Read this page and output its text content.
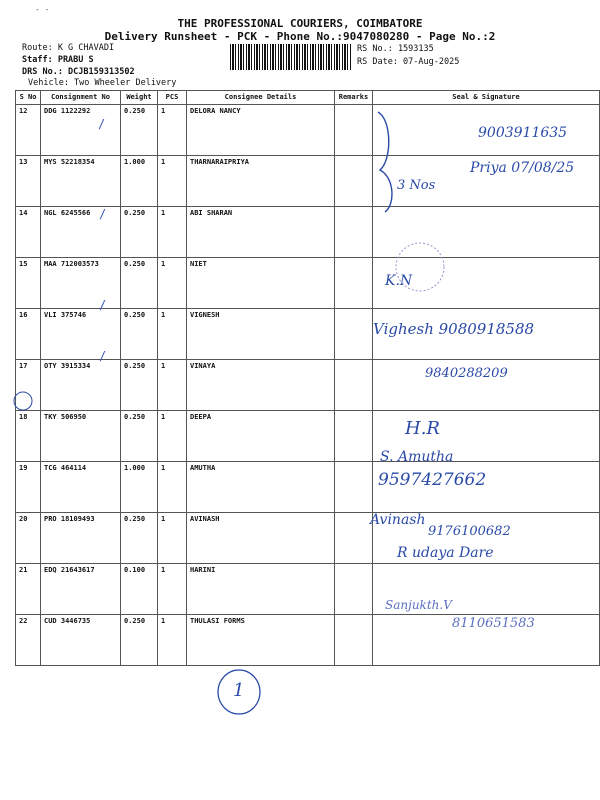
- -
THE PROFESSIONAL COURIERS, COIMBATORE
Delivery Runsheet - PCK - Phone No.:9047080280 - Page No.:2
Route: K G CHAVADI
Staff: PRABU S
DRS No.: DCJB159313502
Vehicle: Two Wheeler Delivery
RS No.: 1593135
RS Date: 07-Aug-2025
S No	Consignment No	Weight	PCS	Consignee Details	Remarks	Seal & Signature
12	DDG 1122292	0.250	1	DELORA NANCY		
13	MYS 52218354	1.000	1	THARNARAIPRIYA		
14	NGL 6245566	0.250	1	ABI SHARAN		
15	MAA 712003573	0.250	1	NIET		
16	VLI 375746	0.250	1	VIGNESH		
17	OTY 3915334	0.250	1	VINAYA		
18	TKY 506950	0.250	1	DEEPA		
19	TCG 464114	1.000	1	AMUTHA		
20	PRO 18109493	0.250	1	AVINASH		
21	EDQ 21643617	0.100	1	HARINI		
22	CUD 3446735	0.250	1	THULASI FORMS		
/
/
/
/
9003911635
3 Nos
Priya 07/08/25
K.N
Vighesh 9080918588
9840288209
H.R
S. Amutha
9597427662
Avinash
9176100682
R udaya Dare
Sanjukth.V
8110651583
1
